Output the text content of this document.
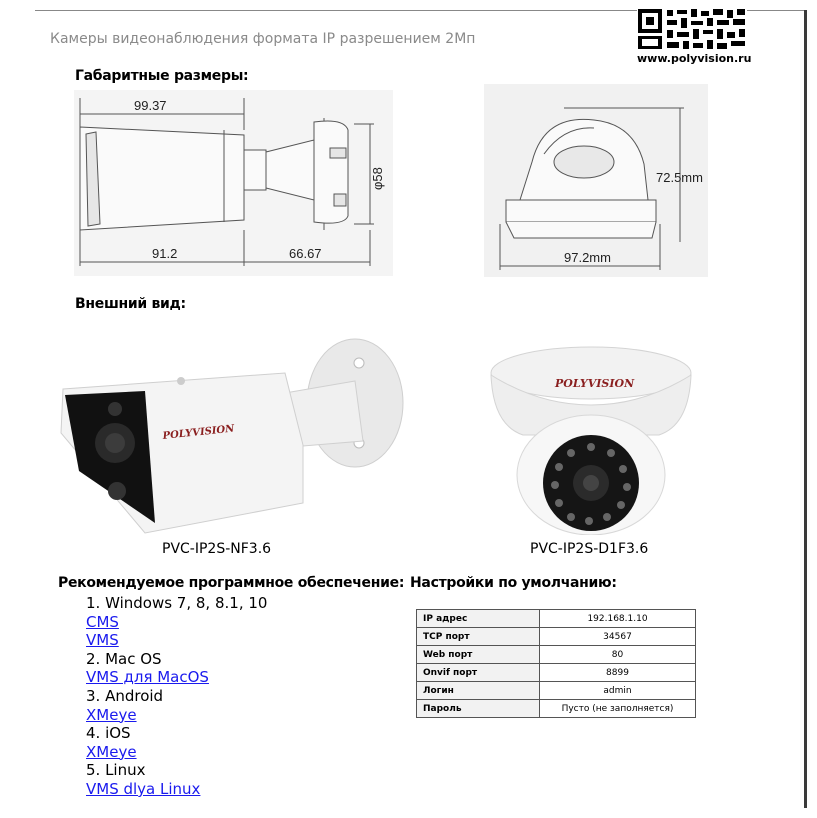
Камеры видеонаблюдения формата IP разрешением 2Мп
www.polyvision.ru
Габаритные размеры:
99.37
91.2	66.67
φ58	72.5mm
97.2mm
Внешний вид:
POLYVISION
PVC-IP2S-NF3.6
POLYVISION
PVC-IP2S-D1F3.6
Рекомендуемое программное обеспечение:
1. Windows 7, 8, 8.1, 10
CMS
VMS
2. Mac OS
VMS для MacOS
3. Android
XMeye
4. iOS
XMeye
5. Linux
VMS dlya Linux
Настройки по умолчанию:
IP адрес	192.168.1.10
TCP порт	34567
Web порт	80
Onvif порт	8899
Логин	admin
Пароль	Пусто (не заполняется)
